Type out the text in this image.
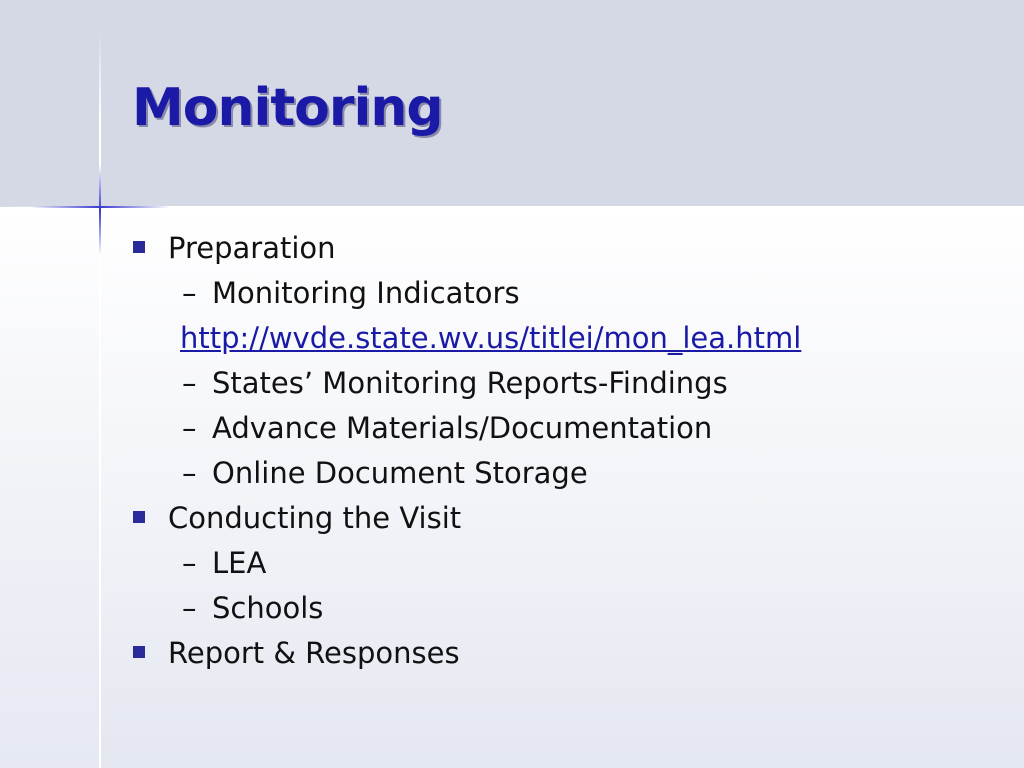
Monitoring
Preparation
– Monitoring Indicators
http://wvde.state.wv.us/titlei/mon_lea.html
– States’ Monitoring Reports-Findings
– Advance Materials/Documentation
– Online Document Storage
Conducting the Visit
– LEA
– Schools
Report & Responses
